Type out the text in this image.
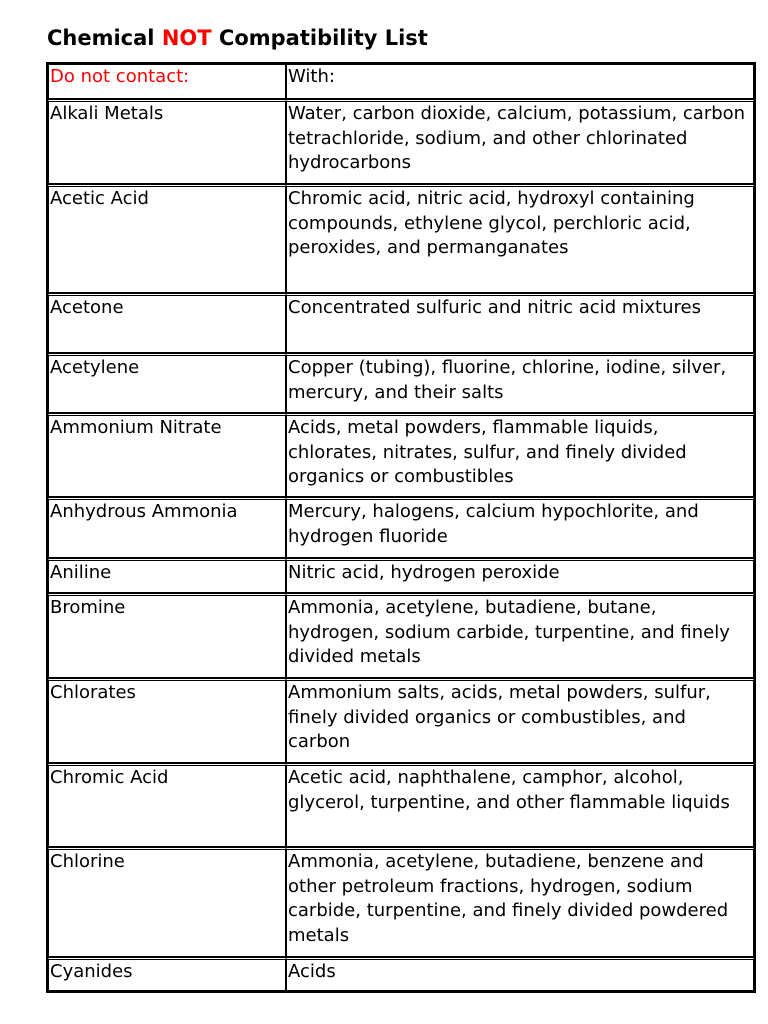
Chemical NOT Compatibility List
Do not contact:	With:
Alkali Metals	Water, carbon dioxide, calcium, potassium, carbon tetrachloride, sodium, and other chlorinated hydrocarbons
Acetic Acid	Chromic acid, nitric acid, hydroxyl containing compounds, ethylene glycol, perchloric acid, peroxides, and permanganates
Acetone	Concentrated sulfuric and nitric acid mixtures
Acetylene	Copper (tubing), fluorine, chlorine, iodine, silver, mercury, and their salts
Ammonium Nitrate	Acids, metal powders, flammable liquids, chlorates, nitrates, sulfur, and finely divided organics or combustibles
Anhydrous Ammonia	Mercury, halogens, calcium hypochlorite, and hydrogen fluoride
Aniline	Nitric acid, hydrogen peroxide
Bromine	Ammonia, acetylene, butadiene, butane, hydrogen, sodium carbide, turpentine, and finely divided metals
Chlorates	Ammonium salts, acids, metal powders, sulfur, finely divided organics or combustibles, and carbon
Chromic Acid	Acetic acid, naphthalene, camphor, alcohol, glycerol, turpentine, and other flammable liquids
Chlorine	Ammonia, acetylene, butadiene, benzene and other petroleum fractions, hydrogen, sodium carbide, turpentine, and finely divided powdered metals
Cyanides	Acids
